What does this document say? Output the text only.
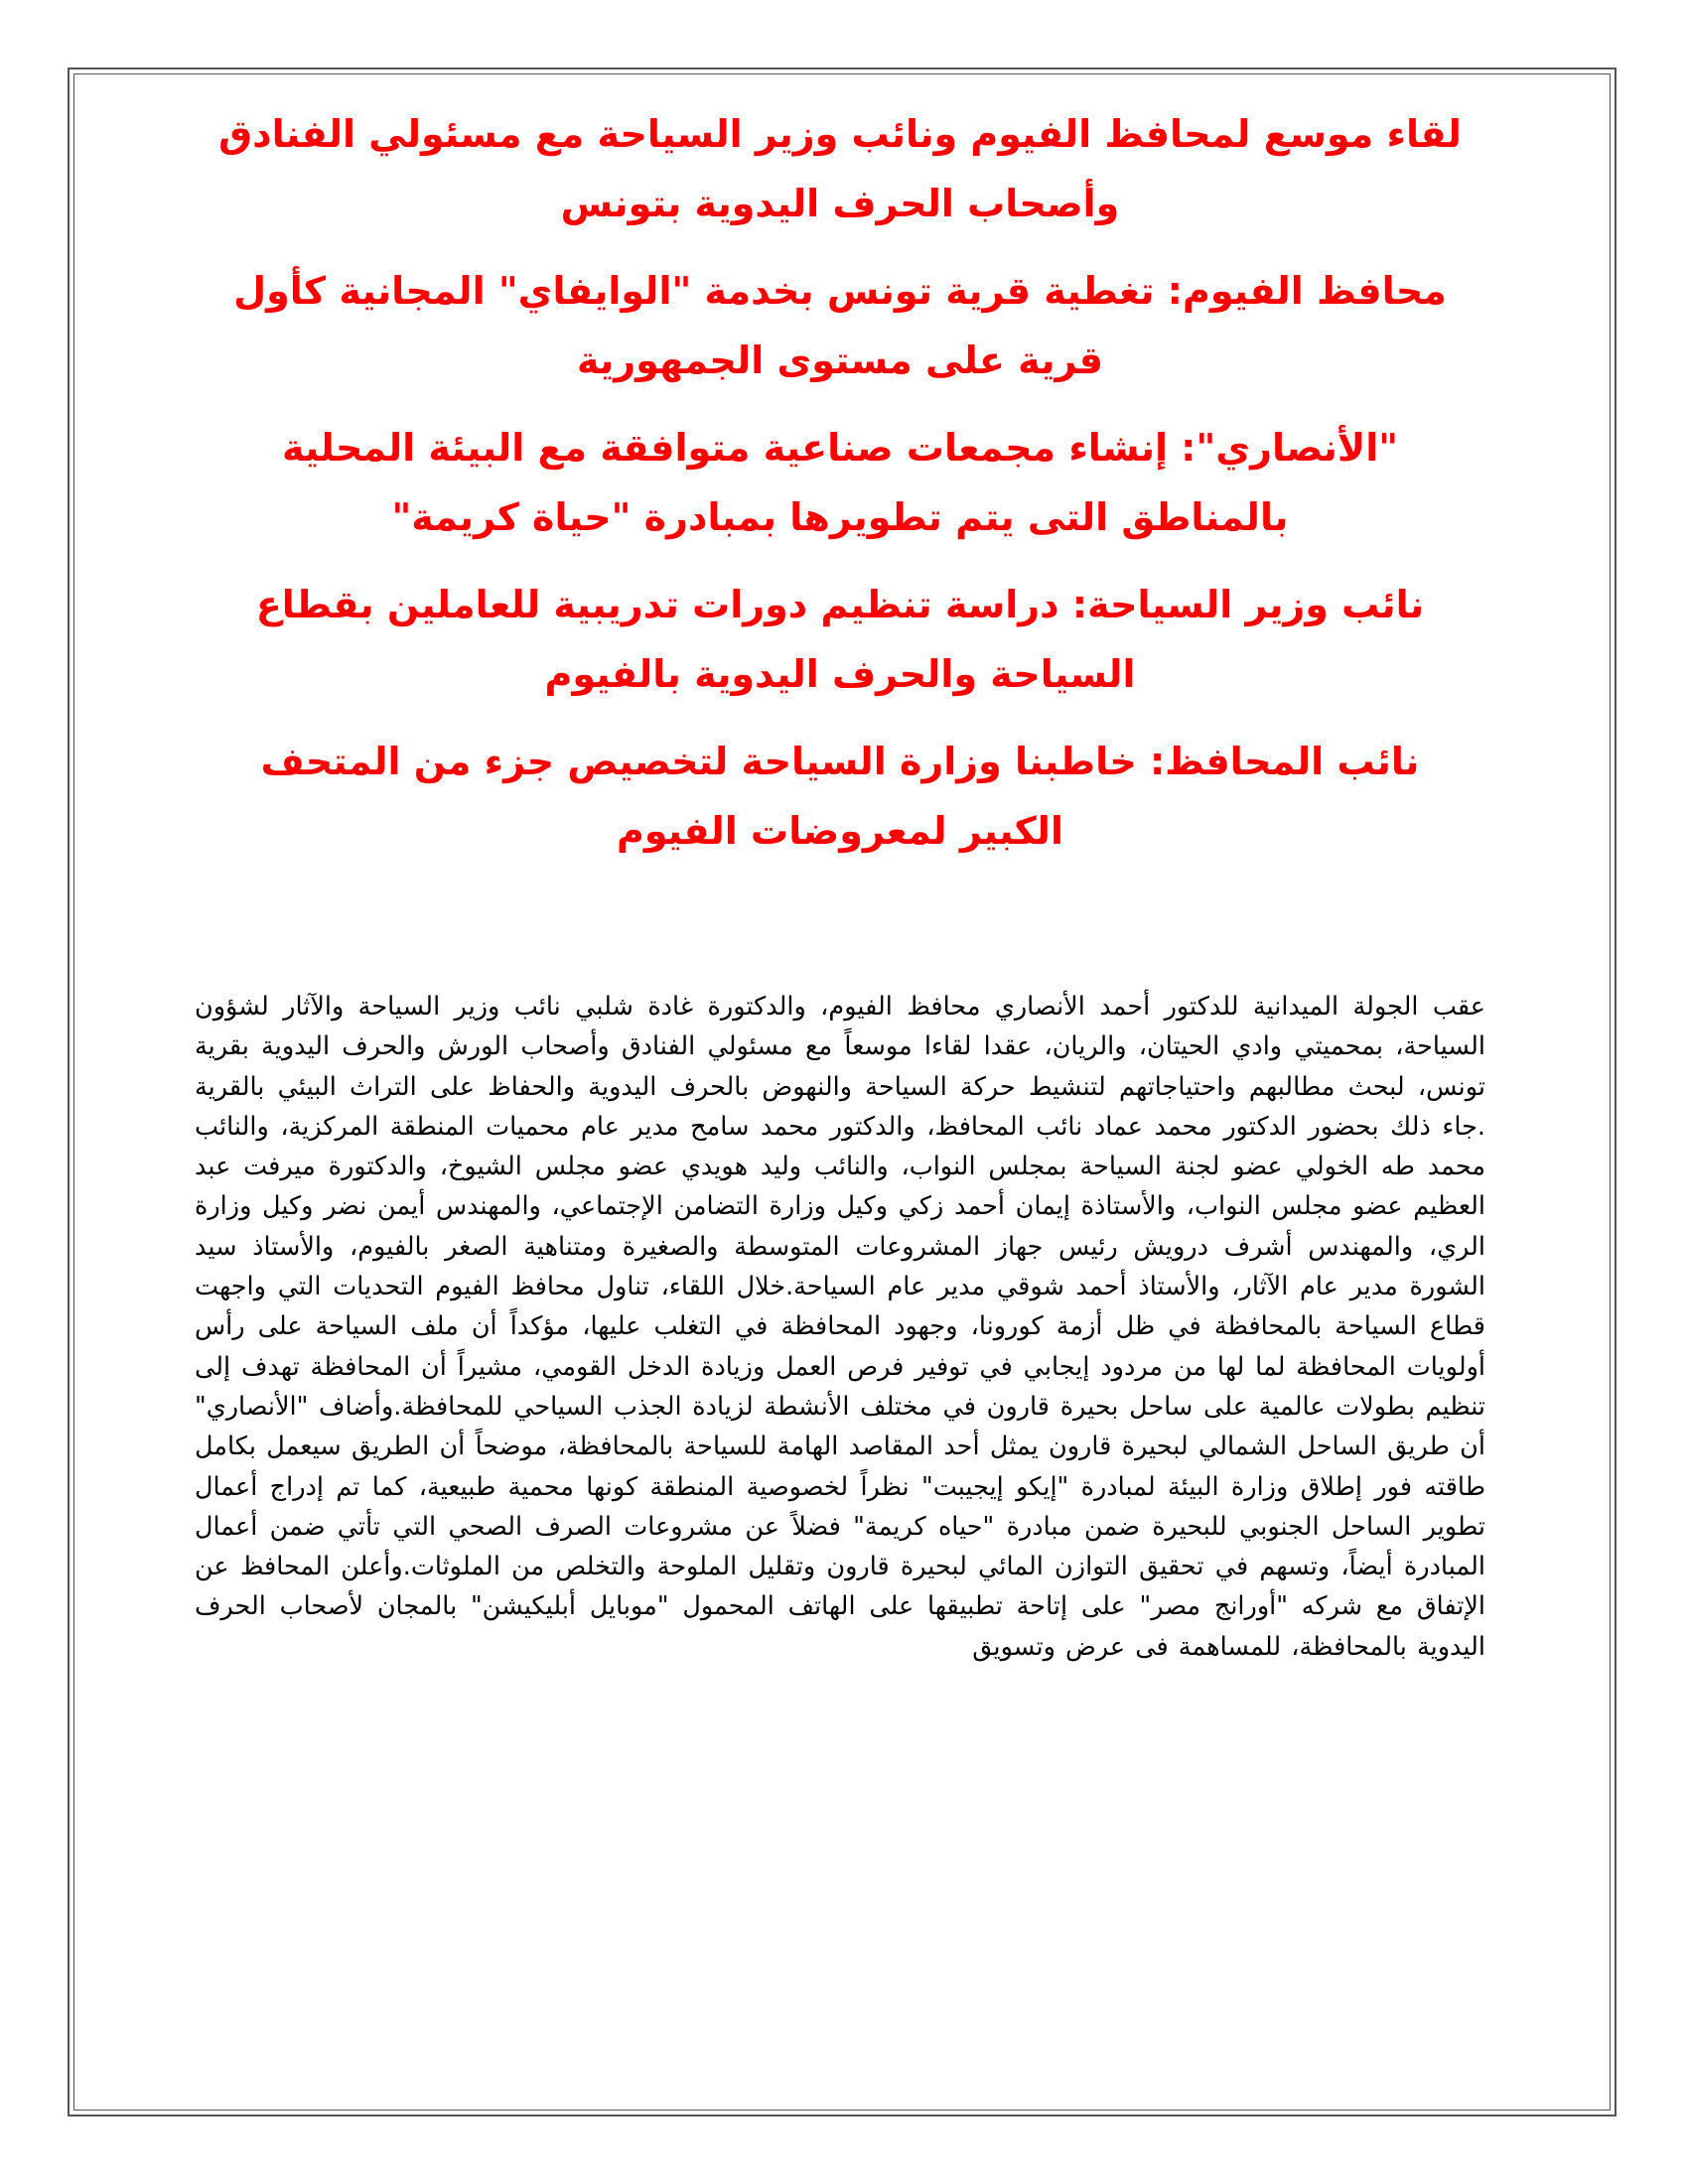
لقاء موسع لمحافظ الفيوم ونائب وزير السياحة مع مسئولي الفنادق وأصحاب الحرف اليدوية بتونس
محافظ الفيوم: تغطية قرية تونس بخدمة "الوايفاي" المجانية كأول قرية على مستوى الجمهورية
"الأنصاري": إنشاء مجمعات صناعية متوافقة مع البيئة المحلية بالمناطق التى يتم تطويرها بمبادرة "حياة كريمة"
نائب وزير السياحة: دراسة تنظيم دورات تدريبية للعاملين بقطاع السياحة والحرف اليدوية بالفيوم
نائب المحافظ: خاطبنا وزارة السياحة لتخصيص جزء من المتحف الكبير لمعروضات الفيوم

عقب الجولة الميدانية للدكتور أحمد الأنصاري محافظ الفيوم، والدكتورة غادة شلبي نائب وزير السياحة والآثار لشؤون السياحة، بمحميتي وادي الحيتان، والريان، عقدا لقاءا موسعاً مع مسئولي الفنادق وأصحاب الورش والحرف اليدوية بقرية تونس، لبحث مطالبهم واحتياجاتهم لتنشيط حركة السياحة والنهوض بالحرف اليدوية والحفاظ على التراث البيئي بالقرية .جاء ذلك بحضور الدكتور محمد عماد نائب المحافظ، والدكتور محمد سامح مدير عام محميات المنطقة المركزية، والنائب محمد طه الخولي عضو لجنة السياحة بمجلس النواب، والنائب وليد هويدي عضو مجلس الشيوخ، والدكتورة ميرفت عبد العظيم عضو مجلس النواب، والأستاذة إيمان أحمد زكي وكيل وزارة التضامن الإجتماعي، والمهندس أيمن نضر وكيل وزارة الري، والمهندس أشرف درويش رئيس جهاز المشروعات المتوسطة والصغيرة ومتناهية الصغر بالفيوم، والأستاذ سيد الشورة مدير عام الآثار، والأستاذ أحمد شوقي مدير عام السياحة.خلال اللقاء، تناول محافظ الفيوم التحديات التي واجهت قطاع السياحة بالمحافظة في ظل أزمة كورونا، وجهود المحافظة في التغلب عليها، مؤكداً أن ملف السياحة على رأس أولويات المحافظة لما لها من مردود إيجابي في توفير فرص العمل وزيادة الدخل القومي، مشيراً أن المحافظة تهدف إلى تنظيم بطولات عالمية على ساحل بحيرة قارون في مختلف الأنشطة لزيادة الجذب السياحي للمحافظة.وأضاف "الأنصاري" أن طريق الساحل الشمالي لبحيرة قارون يمثل أحد المقاصد الهامة للسياحة بالمحافظة، موضحاً أن الطريق سيعمل بكامل طاقته فور إطلاق وزارة البيئة لمبادرة "إيكو إيجيبت" نظراً لخصوصية المنطقة كونها محمية طبيعية، كما تم إدراج أعمال تطوير الساحل الجنوبي للبحيرة ضمن مبادرة "حياه كريمة" فضلاً عن مشروعات الصرف الصحي التي تأتي ضمن أعمال المبادرة أيضاً، وتسهم في تحقيق التوازن المائي لبحيرة قارون وتقليل الملوحة والتخلص من الملوثات.وأعلن المحافظ عن الإتفاق مع شركه "أورانج مصر" على إتاحة تطبيقها على الهاتف المحمول "موبايل أبليكيشن" بالمجان لأصحاب الحرف اليدوية بالمحافظة، للمساهمة فى عرض وتسويق
